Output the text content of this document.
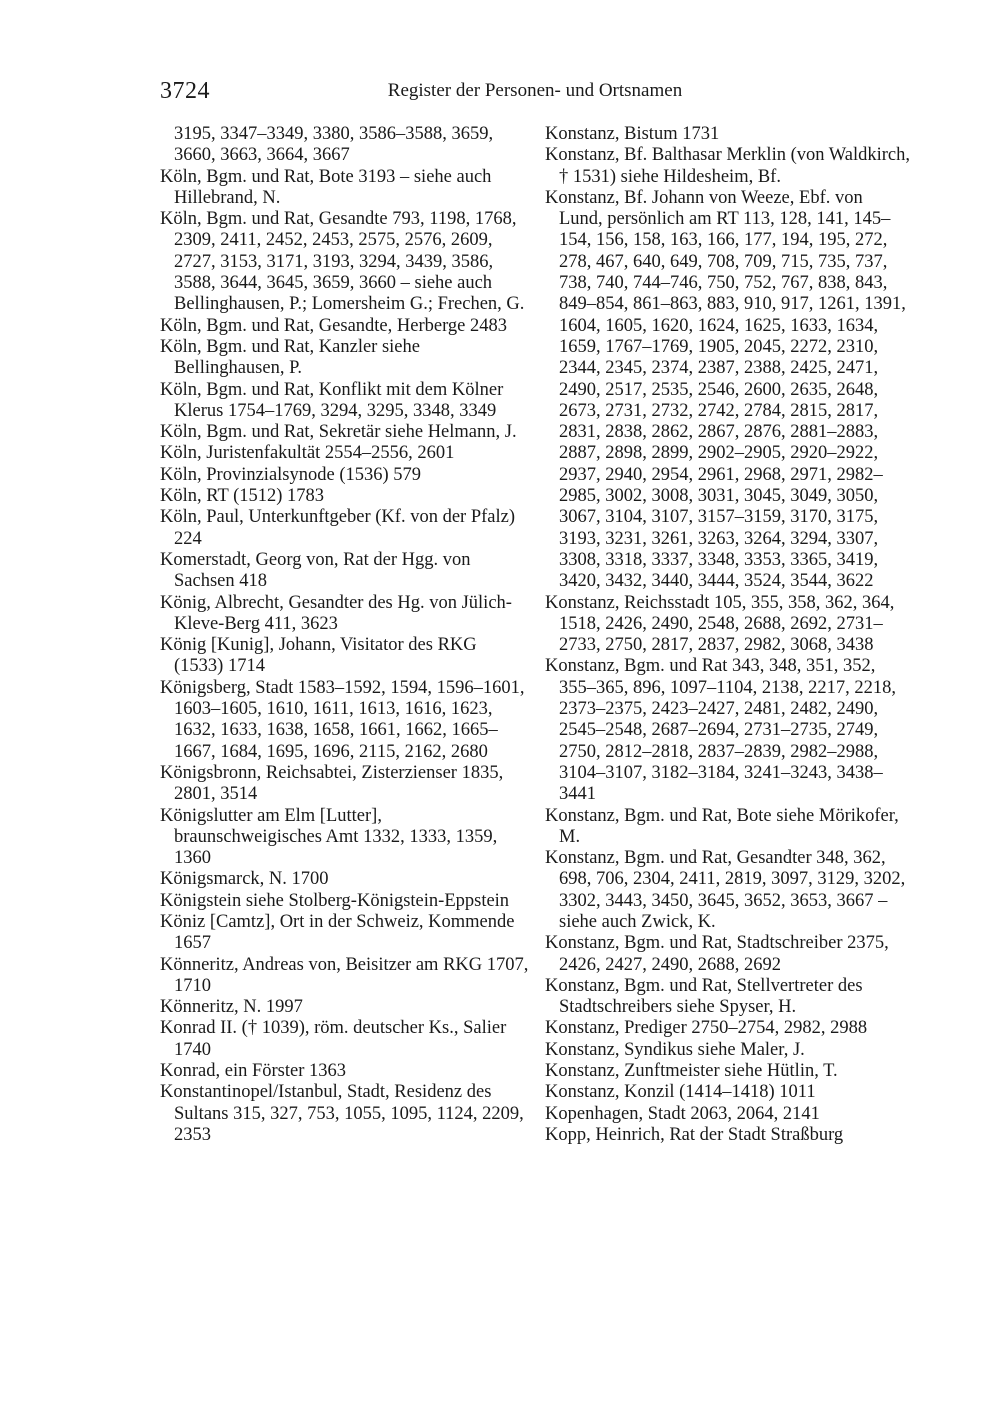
3724	Register der Personen- und Ortsnamen

3195, 3347–3349, 3380, 3586–3588, 3659, 3660, 3663, 3664, 3667

Köln, Bgm. und Rat, Bote 3193 – siehe auch Hillebrand, N.

Köln, Bgm. und Rat, Gesandte 793, 1198, 1768, 2309, 2411, 2452, 2453, 2575, 2576, 2609, 2727, 3153, 3171, 3193, 3294, 3439, 3586, 3588, 3644, 3645, 3659, 3660 – siehe auch Bellinghausen, P.; Lomersheim G.; Frechen, G.

Köln, Bgm. und Rat, Gesandte, Herberge 2483

Köln, Bgm. und Rat, Kanzler siehe Bellinghausen, P.

Köln, Bgm. und Rat, Konflikt mit dem Kölner Klerus 1754–1769, 3294, 3295, 3348, 3349

Köln, Bgm. und Rat, Sekretär siehe Helmann, J.

Köln, Juristenfakultät 2554–2556, 2601

Köln, Provinzialsynode (1536) 579

Köln, RT (1512) 1783

Köln, Paul, Unterkunftgeber (Kf. von der Pfalz) 224

Komerstadt, Georg von, Rat der Hgg. von Sachsen 418

König, Albrecht, Gesandter des Hg. von Jülich-Kleve-Berg 411, 3623

König [Kunig], Johann, Visitator des RKG (1533) 1714

Königsberg, Stadt 1583–1592, 1594, 1596–1601, 1603–1605, 1610, 1611, 1613, 1616, 1623, 1632, 1633, 1638, 1658, 1661, 1662, 1665–1667, 1684, 1695, 1696, 2115, 2162, 2680

Königsbronn, Reichsabtei, Zisterzienser 1835, 2801, 3514

Königslutter am Elm [Lutter], braunschweigisches Amt 1332, 1333, 1359, 1360

Königsmarck, N. 1700

Königstein siehe Stolberg-Königstein-Eppstein

Köniz [Camtz], Ort in der Schweiz, Kommende 1657

Könneritz, Andreas von, Beisitzer am RKG 1707, 1710

Könneritz, N. 1997

Konrad II. († 1039), röm. deutscher Ks., Salier 1740

Konrad, ein Förster 1363

Konstantinopel/Istanbul, Stadt, Residenz des Sultans 315, 327, 753, 1055, 1095, 1124, 2209, 2353

Konstanz, Bistum 1731

Konstanz, Bf. Balthasar Merklin (von Waldkirch, † 1531) siehe Hildesheim, Bf.

Konstanz, Bf. Johann von Weeze, Ebf. von Lund, persönlich am RT 113, 128, 141, 145–154, 156, 158, 163, 166, 177, 194, 195, 272, 278, 467, 640, 649, 708, 709, 715, 735, 737, 738, 740, 744–746, 750, 752, 767, 838, 843, 849–854, 861–863, 883, 910, 917, 1261, 1391, 1604, 1605, 1620, 1624, 1625, 1633, 1634, 1659, 1767–1769, 1905, 2045, 2272, 2310, 2344, 2345, 2374, 2387, 2388, 2425, 2471, 2490, 2517, 2535, 2546, 2600, 2635, 2648, 2673, 2731, 2732, 2742, 2784, 2815, 2817, 2831, 2838, 2862, 2867, 2876, 2881–2883, 2887, 2898, 2899, 2902–2905, 2920–2922, 2937, 2940, 2954, 2961, 2968, 2971, 2982–2985, 3002, 3008, 3031, 3045, 3049, 3050, 3067, 3104, 3107, 3157–3159, 3170, 3175, 3193, 3231, 3261, 3263, 3264, 3294, 3307, 3308, 3318, 3337, 3348, 3353, 3365, 3419, 3420, 3432, 3440, 3444, 3524, 3544, 3622

Konstanz, Reichsstadt 105, 355, 358, 362, 364, 1518, 2426, 2490, 2548, 2688, 2692, 2731–2733, 2750, 2817, 2837, 2982, 3068, 3438

Konstanz, Bgm. und Rat 343, 348, 351, 352, 355–365, 896, 1097–1104, 2138, 2217, 2218, 2373–2375, 2423–2427, 2481, 2482, 2490, 2545–2548, 2687–2694, 2731–2735, 2749, 2750, 2812–2818, 2837–2839, 2982–2988, 3104–3107, 3182–3184, 3241–3243, 3438–3441

Konstanz, Bgm. und Rat, Bote siehe Mörikofer, M.

Konstanz, Bgm. und Rat, Gesandter 348, 362, 698, 706, 2304, 2411, 2819, 3097, 3129, 3202, 3302, 3443, 3450, 3645, 3652, 3653, 3667 – siehe auch Zwick, K.

Konstanz, Bgm. und Rat, Stadtschreiber 2375, 2426, 2427, 2490, 2688, 2692

Konstanz, Bgm. und Rat, Stellvertreter des Stadtschreibers siehe Spyser, H.

Konstanz, Prediger 2750–2754, 2982, 2988

Konstanz, Syndikus siehe Maler, J.

Konstanz, Zunftmeister siehe Hütlin, T.

Konstanz, Konzil (1414–1418) 1011

Kopenhagen, Stadt 2063, 2064, 2141

Kopp, Heinrich, Rat der Stadt Straßburg
